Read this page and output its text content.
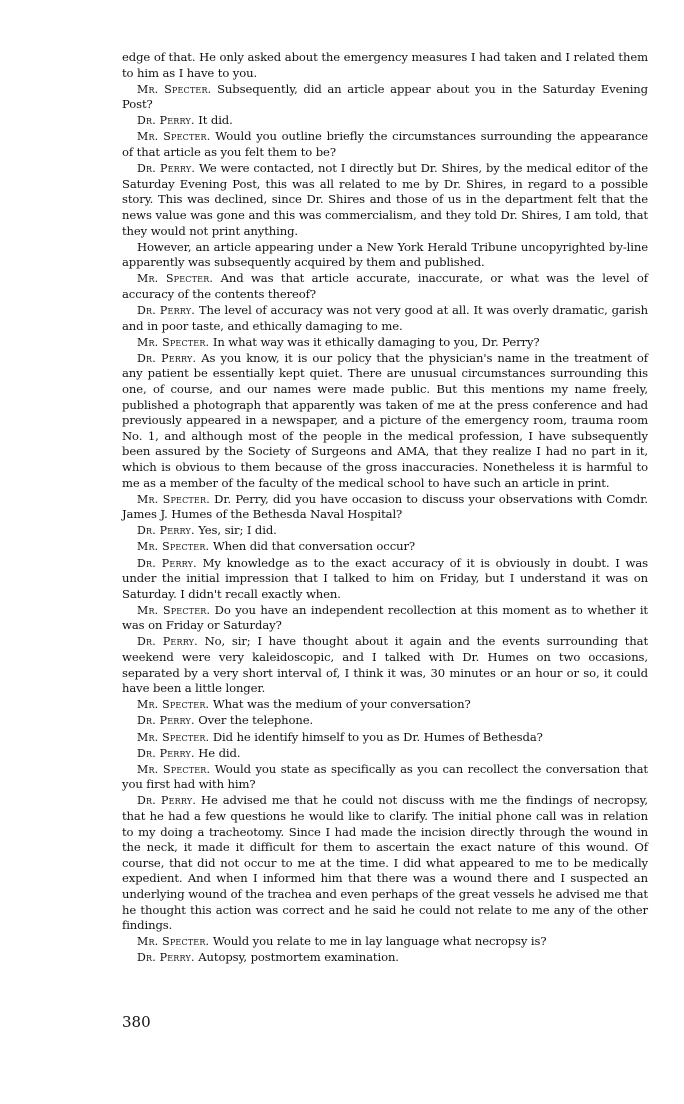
edge of that. He only asked about the emergency measures I had taken and I related them to him as I have to you.

Mr. Specter. Subsequently, did an article appear about you in the Saturday Evening Post?

Dr. Perry. It did.

Mr. Specter. Would you outline briefly the circumstances surrounding the appearance of that article as you felt them to be?

Dr. Perry. We were contacted, not I directly but Dr. Shires, by the medical editor of the Saturday Evening Post, this was all related to me by Dr. Shires, in regard to a possible story. This was declined, since Dr. Shires and those of us in the department felt that the news value was gone and this was commercialism, and they told Dr. Shires, I am told, that they would not print anything.

However, an article appearing under a New York Herald Tribune uncopyrighted by-line apparently was subsequently acquired by them and published.

Mr. Specter. And was that article accurate, inaccurate, or what was the level of accuracy of the contents thereof?

Dr. Perry. The level of accuracy was not very good at all. It was overly dramatic, garish and in poor taste, and ethically damaging to me.

Mr. Specter. In what way was it ethically damaging to you, Dr. Perry?

Dr. Perry. As you know, it is our policy that the physician's name in the treatment of any patient be essentially kept quiet. There are unusual circumstances surrounding this one, of course, and our names were made public. But this mentions my name freely, published a photograph that apparently was taken of me at the press conference and had previously appeared in a newspaper, and a picture of the emergency room, trauma room No. 1, and although most of the people in the medical profession, I have subsequently been assured by the Society of Surgeons and AMA, that they realize I had no part in it, which is obvious to them because of the gross inaccuracies. Nonetheless it is harmful to me as a member of the faculty of the medical school to have such an article in print.

Mr. Specter. Dr. Perry, did you have occasion to discuss your observations with Comdr. James J. Humes of the Bethesda Naval Hospital?

Dr. Perry. Yes, sir; I did.

Mr. Specter. When did that conversation occur?

Dr. Perry. My knowledge as to the exact accuracy of it is obviously in doubt. I was under the initial impression that I talked to him on Friday, but I understand it was on Saturday. I didn't recall exactly when.

Mr. Specter. Do you have an independent recollection at this moment as to whether it was on Friday or Saturday?

Dr. Perry. No, sir; I have thought about it again and the events surrounding that weekend were very kaleidoscopic, and I talked with Dr. Humes on two occasions, separated by a very short interval of, I think it was, 30 minutes or an hour or so, it could have been a little longer.

Mr. Specter. What was the medium of your conversation?

Dr. Perry. Over the telephone.

Mr. Specter. Did he identify himself to you as Dr. Humes of Bethesda?

Dr. Perry. He did.

Mr. Specter. Would you state as specifically as you can recollect the conversation that you first had with him?

Dr. Perry. He advised me that he could not discuss with me the findings of necropsy, that he had a few questions he would like to clarify. The initial phone call was in relation to my doing a tracheotomy. Since I had made the incision directly through the wound in the neck, it made it difficult for them to ascertain the exact nature of this wound. Of course, that did not occur to me at the time. I did what appeared to me to be medically expedient. And when I informed him that there was a wound there and I suspected an underlying wound of the trachea and even perhaps of the great vessels he advised me that he thought this action was correct and he said he could not relate to me any of the other findings.

Mr. Specter. Would you relate to me in lay language what necropsy is?

Dr. Perry. Autopsy, postmortem examination.

380
